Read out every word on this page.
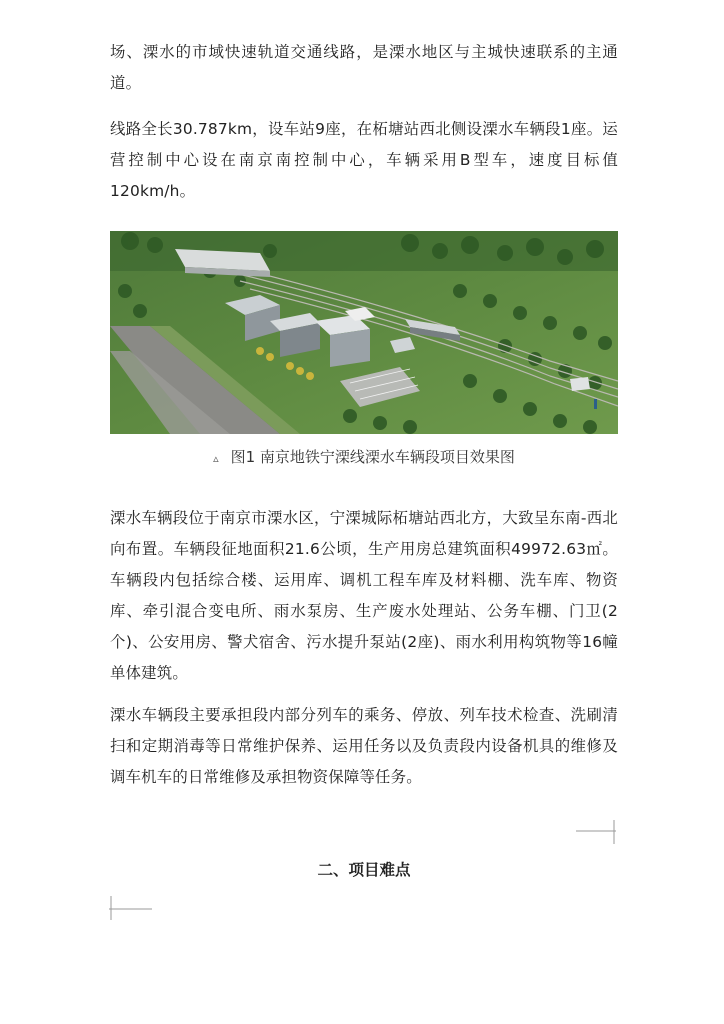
场、溧水的市域快速轨道交通线路，是溧水地区与主城快速联系的主通道。

线路全长30.787km，设车站9座，在柘塘站西北侧设溧水车辆段1座。运营控制中心设在南京南控制中心，车辆采用B型车，速度目标值120km/h。

▵ 图1 南京地铁宁溧线溧水车辆段项目效果图

溧水车辆段位于南京市溧水区，宁溧城际柘塘站西北方，大致呈东南-西北向布置。车辆段征地面积21.6公顷，生产用房总建筑面积49972.63㎡。车辆段内包括综合楼、运用库、调机工程车库及材料棚、洗车库、物资库、牵引混合变电所、雨水泵房、生产废水处理站、公务车棚、门卫(2个)、公安用房、警犬宿舍、污水提升泵站(2座)、雨水利用构筑物等16幢单体建筑。

溧水车辆段主要承担段内部分列车的乘务、停放、列车技术检查、洗刷清扫和定期消毒等日常维护保养、运用任务以及负责段内设备机具的维修及调车机车的日常维修及承担物资保障等任务。

二、项目难点
